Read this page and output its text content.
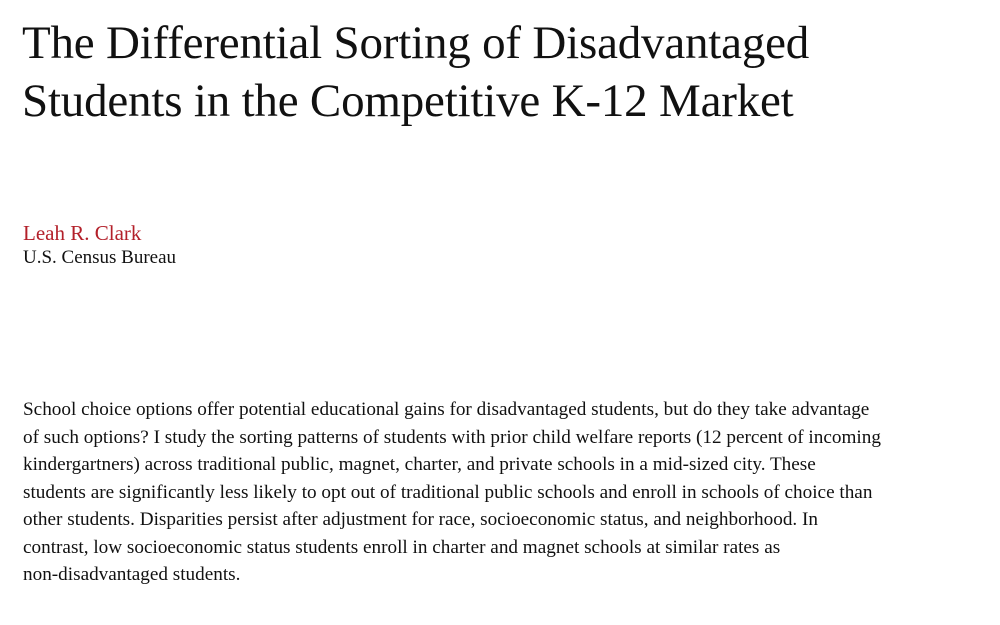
The Differential Sorting of Disadvantaged
Students in the Competitive K-12 Market
Leah R. Clark
U.S. Census Bureau
School choice options offer potential educational gains for disadvantaged students, but do they take advantage
of such options? I study the sorting patterns of students with prior child welfare reports (12 percent of incoming
kindergartners) across traditional public, magnet, charter, and private schools in a mid-sized city. These
students are significantly less likely to opt out of traditional public schools and enroll in schools of choice than
other students. Disparities persist after adjustment for race, socioeconomic status, and neighborhood. In
contrast, low socioeconomic status students enroll in charter and magnet schools at similar rates as
non-disadvantaged students.
